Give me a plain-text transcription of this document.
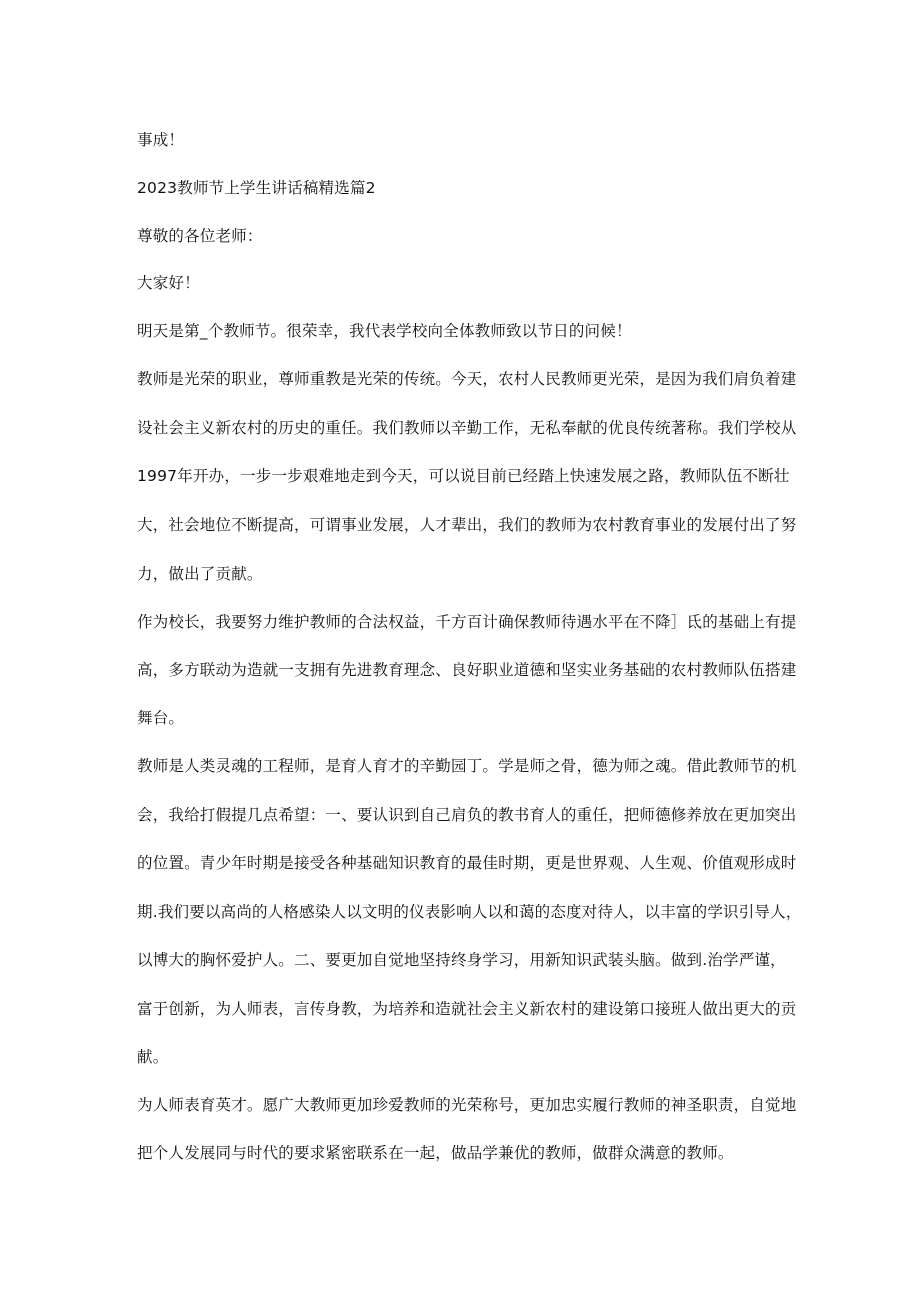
事成！
2023教师节上学生讲话稿精选篇2
尊敬的各位老师：
大家好！
明天是第_个教师节。很荣幸，我代表学校向全体教师致以节日的问候！
教师是光荣的职业，尊师重教是光荣的传统。今天，农村人民教师更光荣，是因为我们肩负着建
设社会主义新农村的历史的重任。我们教师以辛勤工作，无私奉献的优良传统著称。我们学校从
1997年开办，一步一步艰难地走到今天，可以说目前已经踏上快速发展之路，教师队伍不断壮
大，社会地位不断提高，可谓事业发展，人才辈出，我们的教师为农村教育事业的发展付出了努
力，做出了贡献。
作为校长，我要努力维护教师的合法权益，千方百计确保教师待遇水平在不降］氐的基础上有提
高，多方联动为造就一支拥有先进教育理念、良好职业道德和坚实业务基础的农村教师队伍搭建
舞台。
教师是人类灵魂的工程师，是育人育才的辛勤园丁。学是师之骨，德为师之魂。借此教师节的机
会，我给打假提几点希望：一、要认识到自己肩负的教书育人的重任，把师德修养放在更加突出
的位置。青少年时期是接受各种基础知识教育的最佳时期，更是世界观、人生观、价值观形成时
期.我们要以高尚的人格感染人以文明的仪表影响人以和蔼的态度对待人，以丰富的学识引导人，
以博大的胸怀爱护人。二、要更加自觉地坚持终身学习，用新知识武装头脑。做到.治学严谨，
富于创新，为人师表，言传身教，为培养和造就社会主义新农村的建设第口接班人做出更大的贡
献。
为人师表育英才。愿广大教师更加珍爱教师的光荣称号，更加忠实履行教师的神圣职责，自觉地
把个人发展同与时代的要求紧密联系在一起，做品学兼优的教师，做群众满意的教师。
